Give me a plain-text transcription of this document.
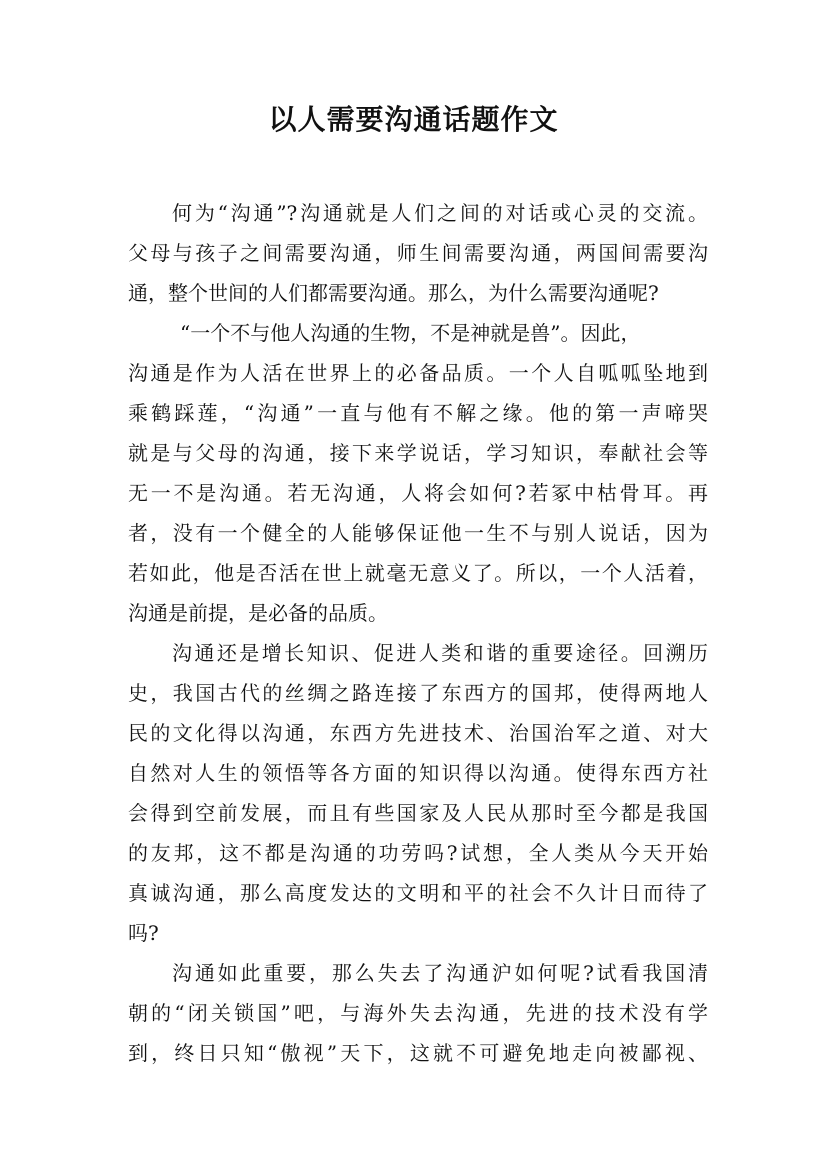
以人需要沟通话题作文
何为“沟通”?沟通就是人们之间的对话或心灵的交流。
父母与孩子之间需要沟通，师生间需要沟通，两国间需要沟
通，整个世间的人们都需要沟通。那么，为什么需要沟通呢?
“一个不与他人沟通的生物，不是神就是兽”。因此，
沟通是作为人活在世界上的必备品质。一个人自呱呱坠地到
乘鹤踩莲，“沟通”一直与他有不解之缘。他的第一声啼哭
就是与父母的沟通，接下来学说话，学习知识，奉献社会等
无一不是沟通。若无沟通，人将会如何?若冢中枯骨耳。再
者，没有一个健全的人能够保证他一生不与别人说话，因为
若如此，他是否活在世上就毫无意义了。所以，一个人活着，
沟通是前提，是必备的品质。
沟通还是增长知识、促进人类和谐的重要途径。回溯历
史，我国古代的丝绸之路连接了东西方的国邦，使得两地人
民的文化得以沟通，东西方先进技术、治国治军之道、对大
自然对人生的领悟等各方面的知识得以沟通。使得东西方社
会得到空前发展，而且有些国家及人民从那时至今都是我国
的友邦，这不都是沟通的功劳吗?试想，全人类从今天开始
真诚沟通，那么高度发达的文明和平的社会不久计日而待了
吗?
沟通如此重要，那么失去了沟通沪如何呢?试看我国清
朝的“闭关锁国”吧，与海外失去沟通，先进的技术没有学
到，终日只知“傲视”天下，这就不可避免地走向被鄙视、
